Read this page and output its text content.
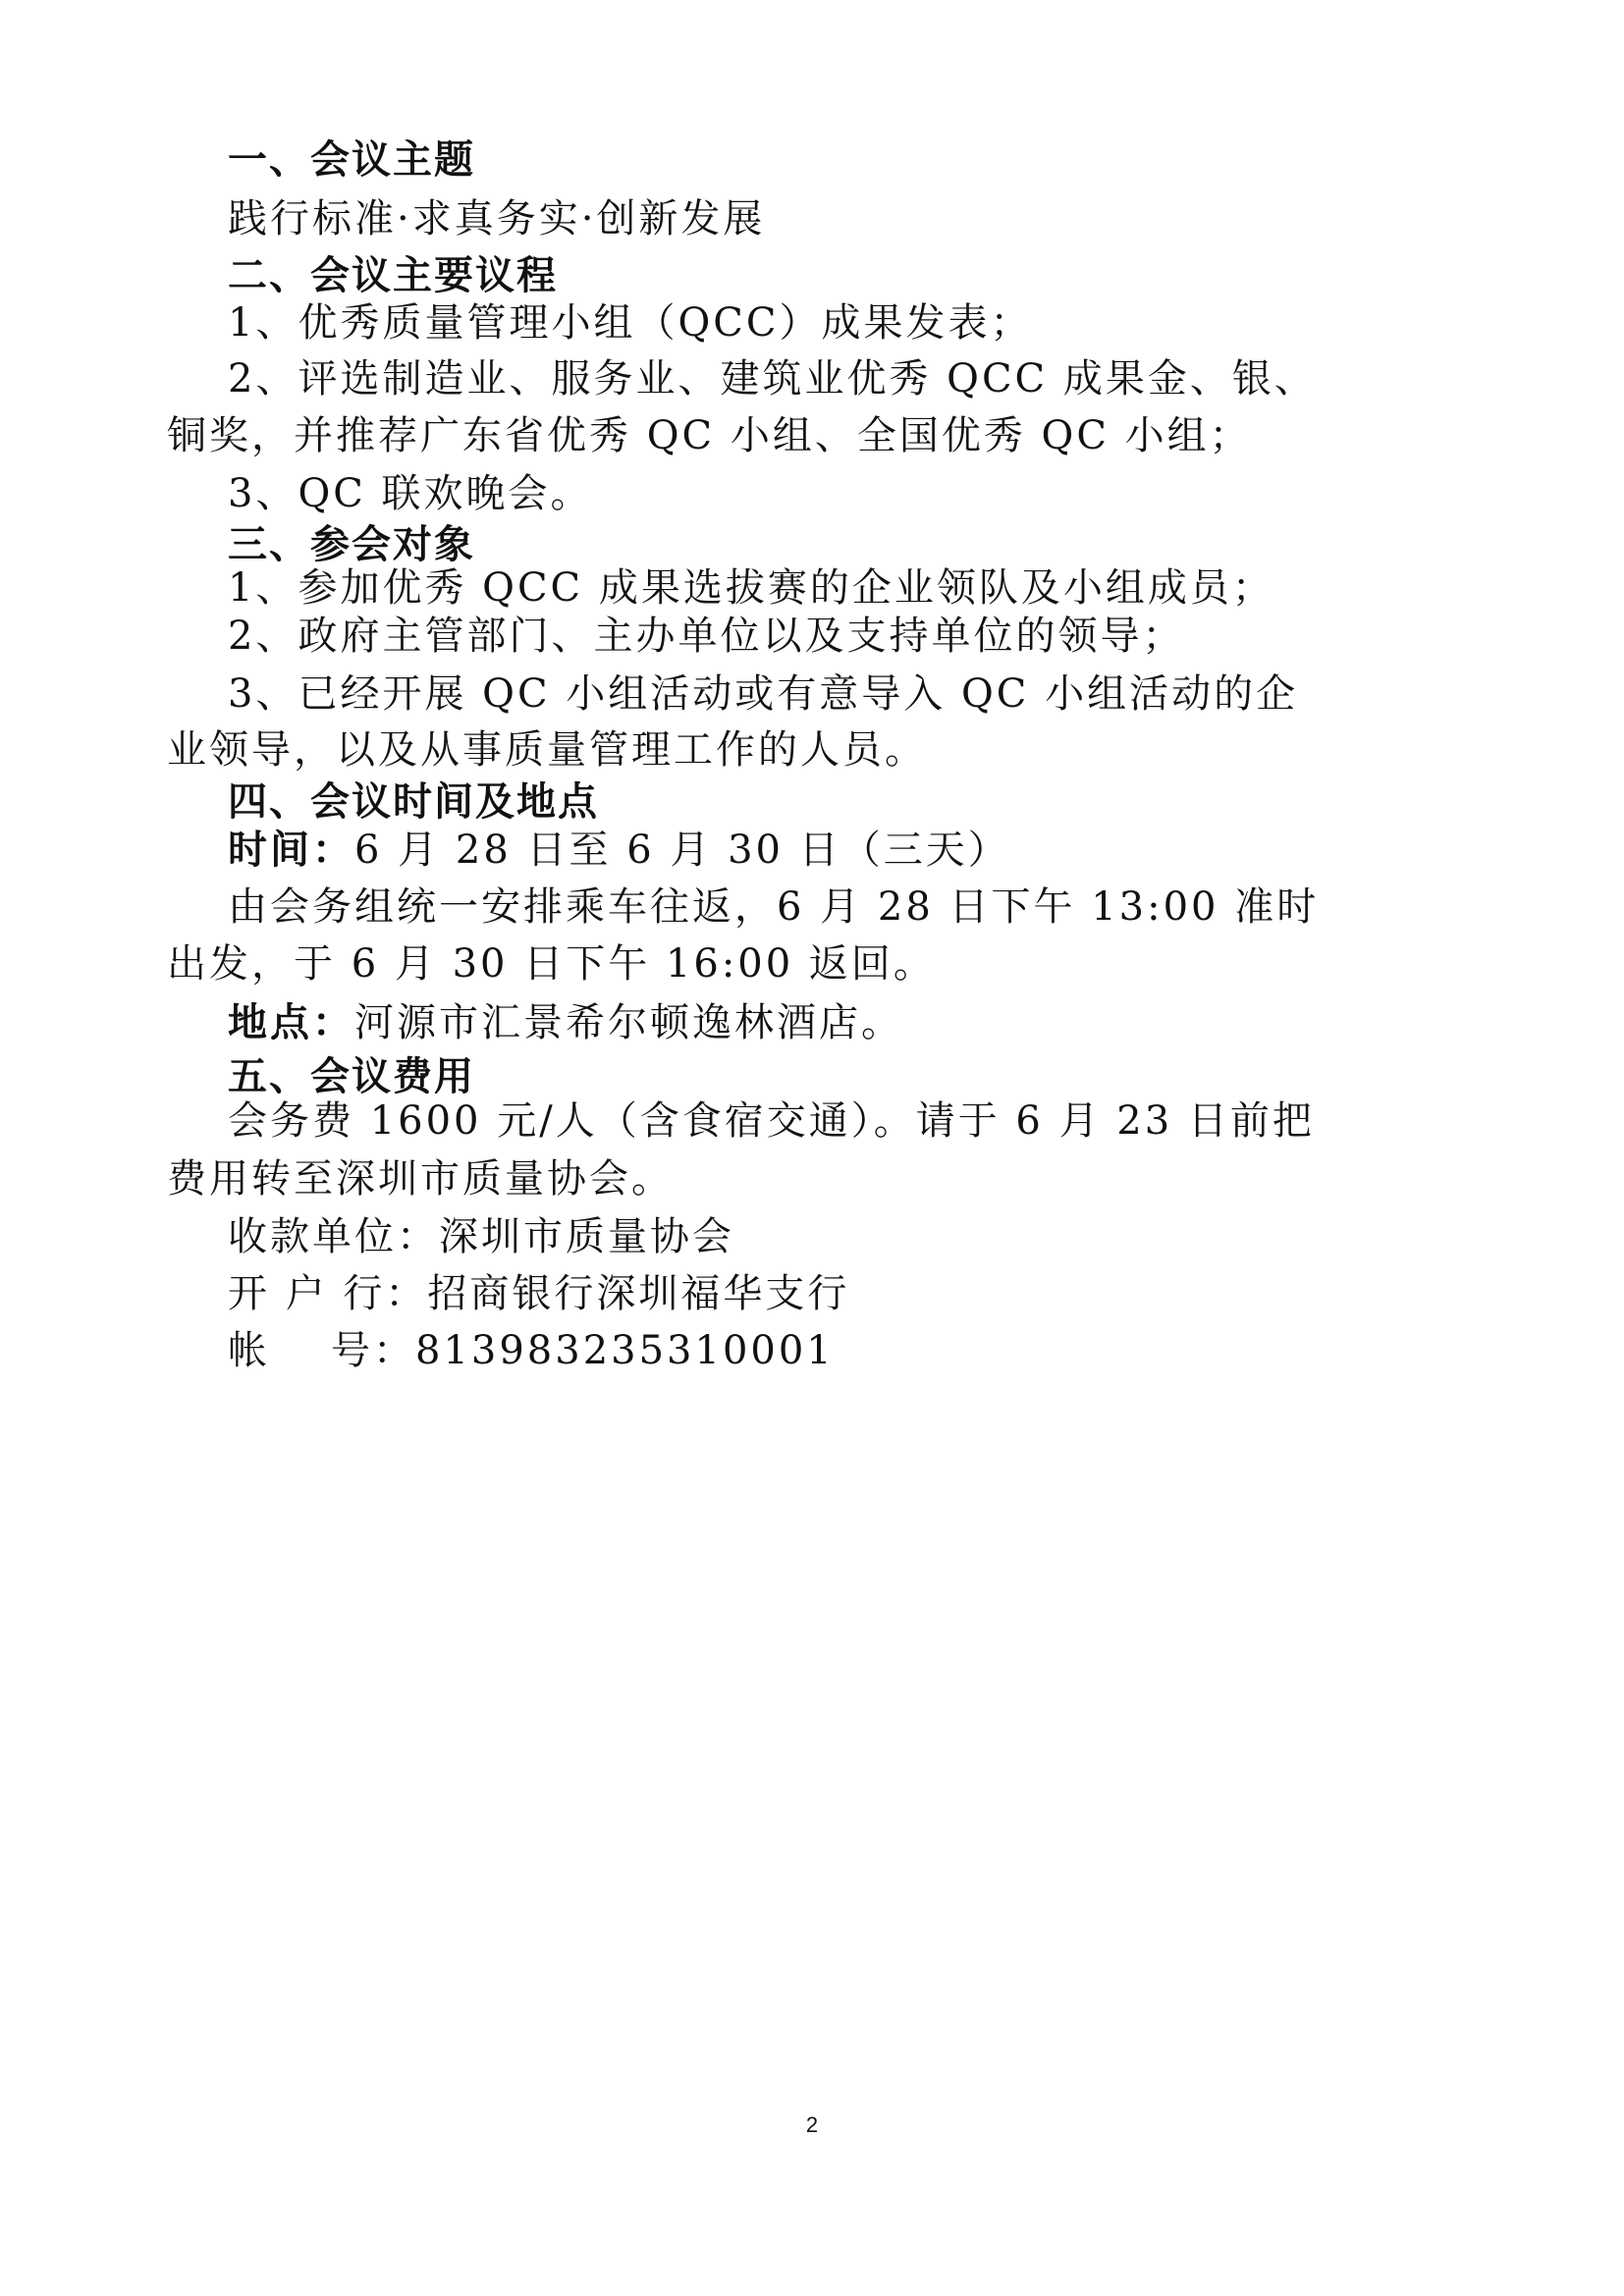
一、会议主题
践行标准·求真务实·创新发展
二、会议主要议程
1、优秀质量管理小组（QCC）成果发表；
2、评选制造业、服务业、建筑业优秀 QCC 成果金、银、
铜奖，并推荐广东省优秀 QC 小组、全国优秀 QC 小组；
3、QC 联欢晚会。
三、参会对象
1、参加优秀 QCC 成果选拔赛的企业领队及小组成员；
2、政府主管部门、主办单位以及支持单位的领导；
3、已经开展 QC 小组活动或有意导入 QC 小组活动的企
业领导，以及从事质量管理工作的人员。
四、会议时间及地点
时间：6 月 28 日至 6 月 30 日（三天）
由会务组统一安排乘车往返，6 月 28 日下午 13:00 准时
出发，于 6 月 30 日下午 16:00 返回。
地点：河源市汇景希尔顿逸林酒店。
五、会议费用
会务费 1600 元/人（含食宿交通）。请于 6 月 23 日前把
费用转至深圳市质量协会。
收款单位：深圳市质量协会
开 户 行：招商银行深圳福华支行
帐 号：813983235310001
2
